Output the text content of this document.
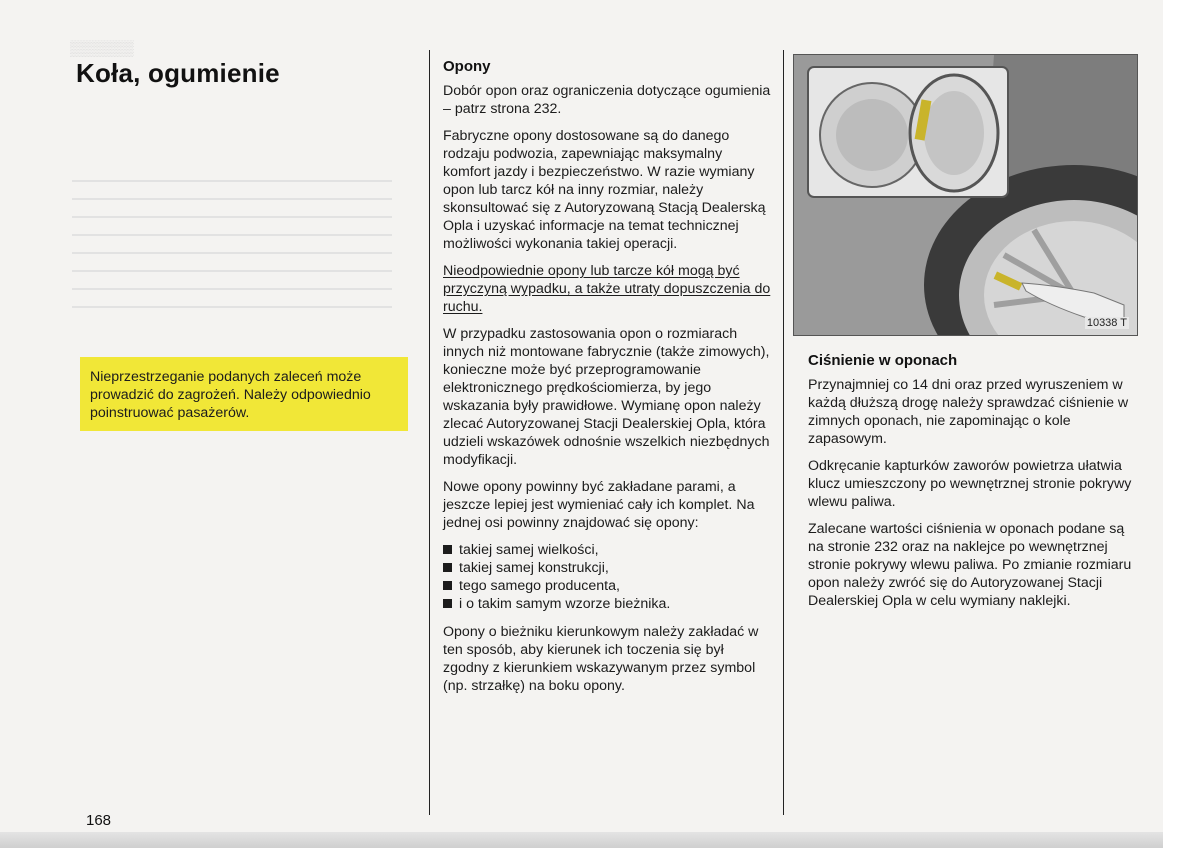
▒▒▒▒▒▒
Koła, ogumienie
Nieprzestrzeganie podanych zaleceń może prowadzić do zagrożeń. Należy odpowiednio poinstruować pasażerów.
Opony

Dobór opon oraz ograniczenia dotyczące ogumienia – patrz strona 232.

Fabryczne opony dostosowane są do danego rodzaju podwozia, zapewniając maksymalny komfort jazdy i bezpieczeństwo. W razie wymiany opon lub tarcz kół na inny rozmiar, należy skonsultować się z Autoryzowaną Stacją Dealerską Opla i uzyskać informacje na temat technicznej możliwości wykonania takiej operacji.

Nieodpowiednie opony lub tarcze kół mogą być przyczyną wypadku, a także utraty dopuszczenia do ruchu.

W przypadku zastosowania opon o rozmiarach innych niż montowane fabrycznie (także zimowych), konieczne może być przeprogramowanie elektronicznego prędkościomierza, by jego wskazania były prawidłowe. Wymianę opon należy zlecać Autoryzowanej Stacji Dealerskiej Opla, która udzieli wskazówek odnośnie wszelkich niezbędnych modyfikacji.

Nowe opony powinny być zakładane parami, a jeszcze lepiej jest wymieniać cały ich komplet. Na jednej osi powinny znajdować się opony:

takiej samej wielkości,
takiej samej konstrukcji,
tego samego producenta,
i o takim samym wzorze bieżnika.

Opony o bieżniku kierunkowym należy zakładać w ten sposób, aby kierunek ich toczenia się był zgodny z kierunkiem wskazywanym przez symbol (np. strzałkę) na boku opony.

10338 T
Ciśnienie w oponach

Przynajmniej co 14 dni oraz przed wyruszeniem w każdą dłuższą drogę należy sprawdzać ciśnienie w zimnych oponach, nie zapominając o kole zapasowym.

Odkręcanie kapturków zaworów powietrza ułatwia klucz umieszczony po wewnętrznej stronie pokrywy wlewu paliwa.

Zalecane wartości ciśnienia w oponach podane są na stronie 232 oraz na naklejce po wewnętrznej stronie pokrywy wlewu paliwa. Po zmianie rozmiaru opon należy zwróć się do Autoryzowanej Stacji Dealerskiej Opla w celu wymiany naklejki.

168
